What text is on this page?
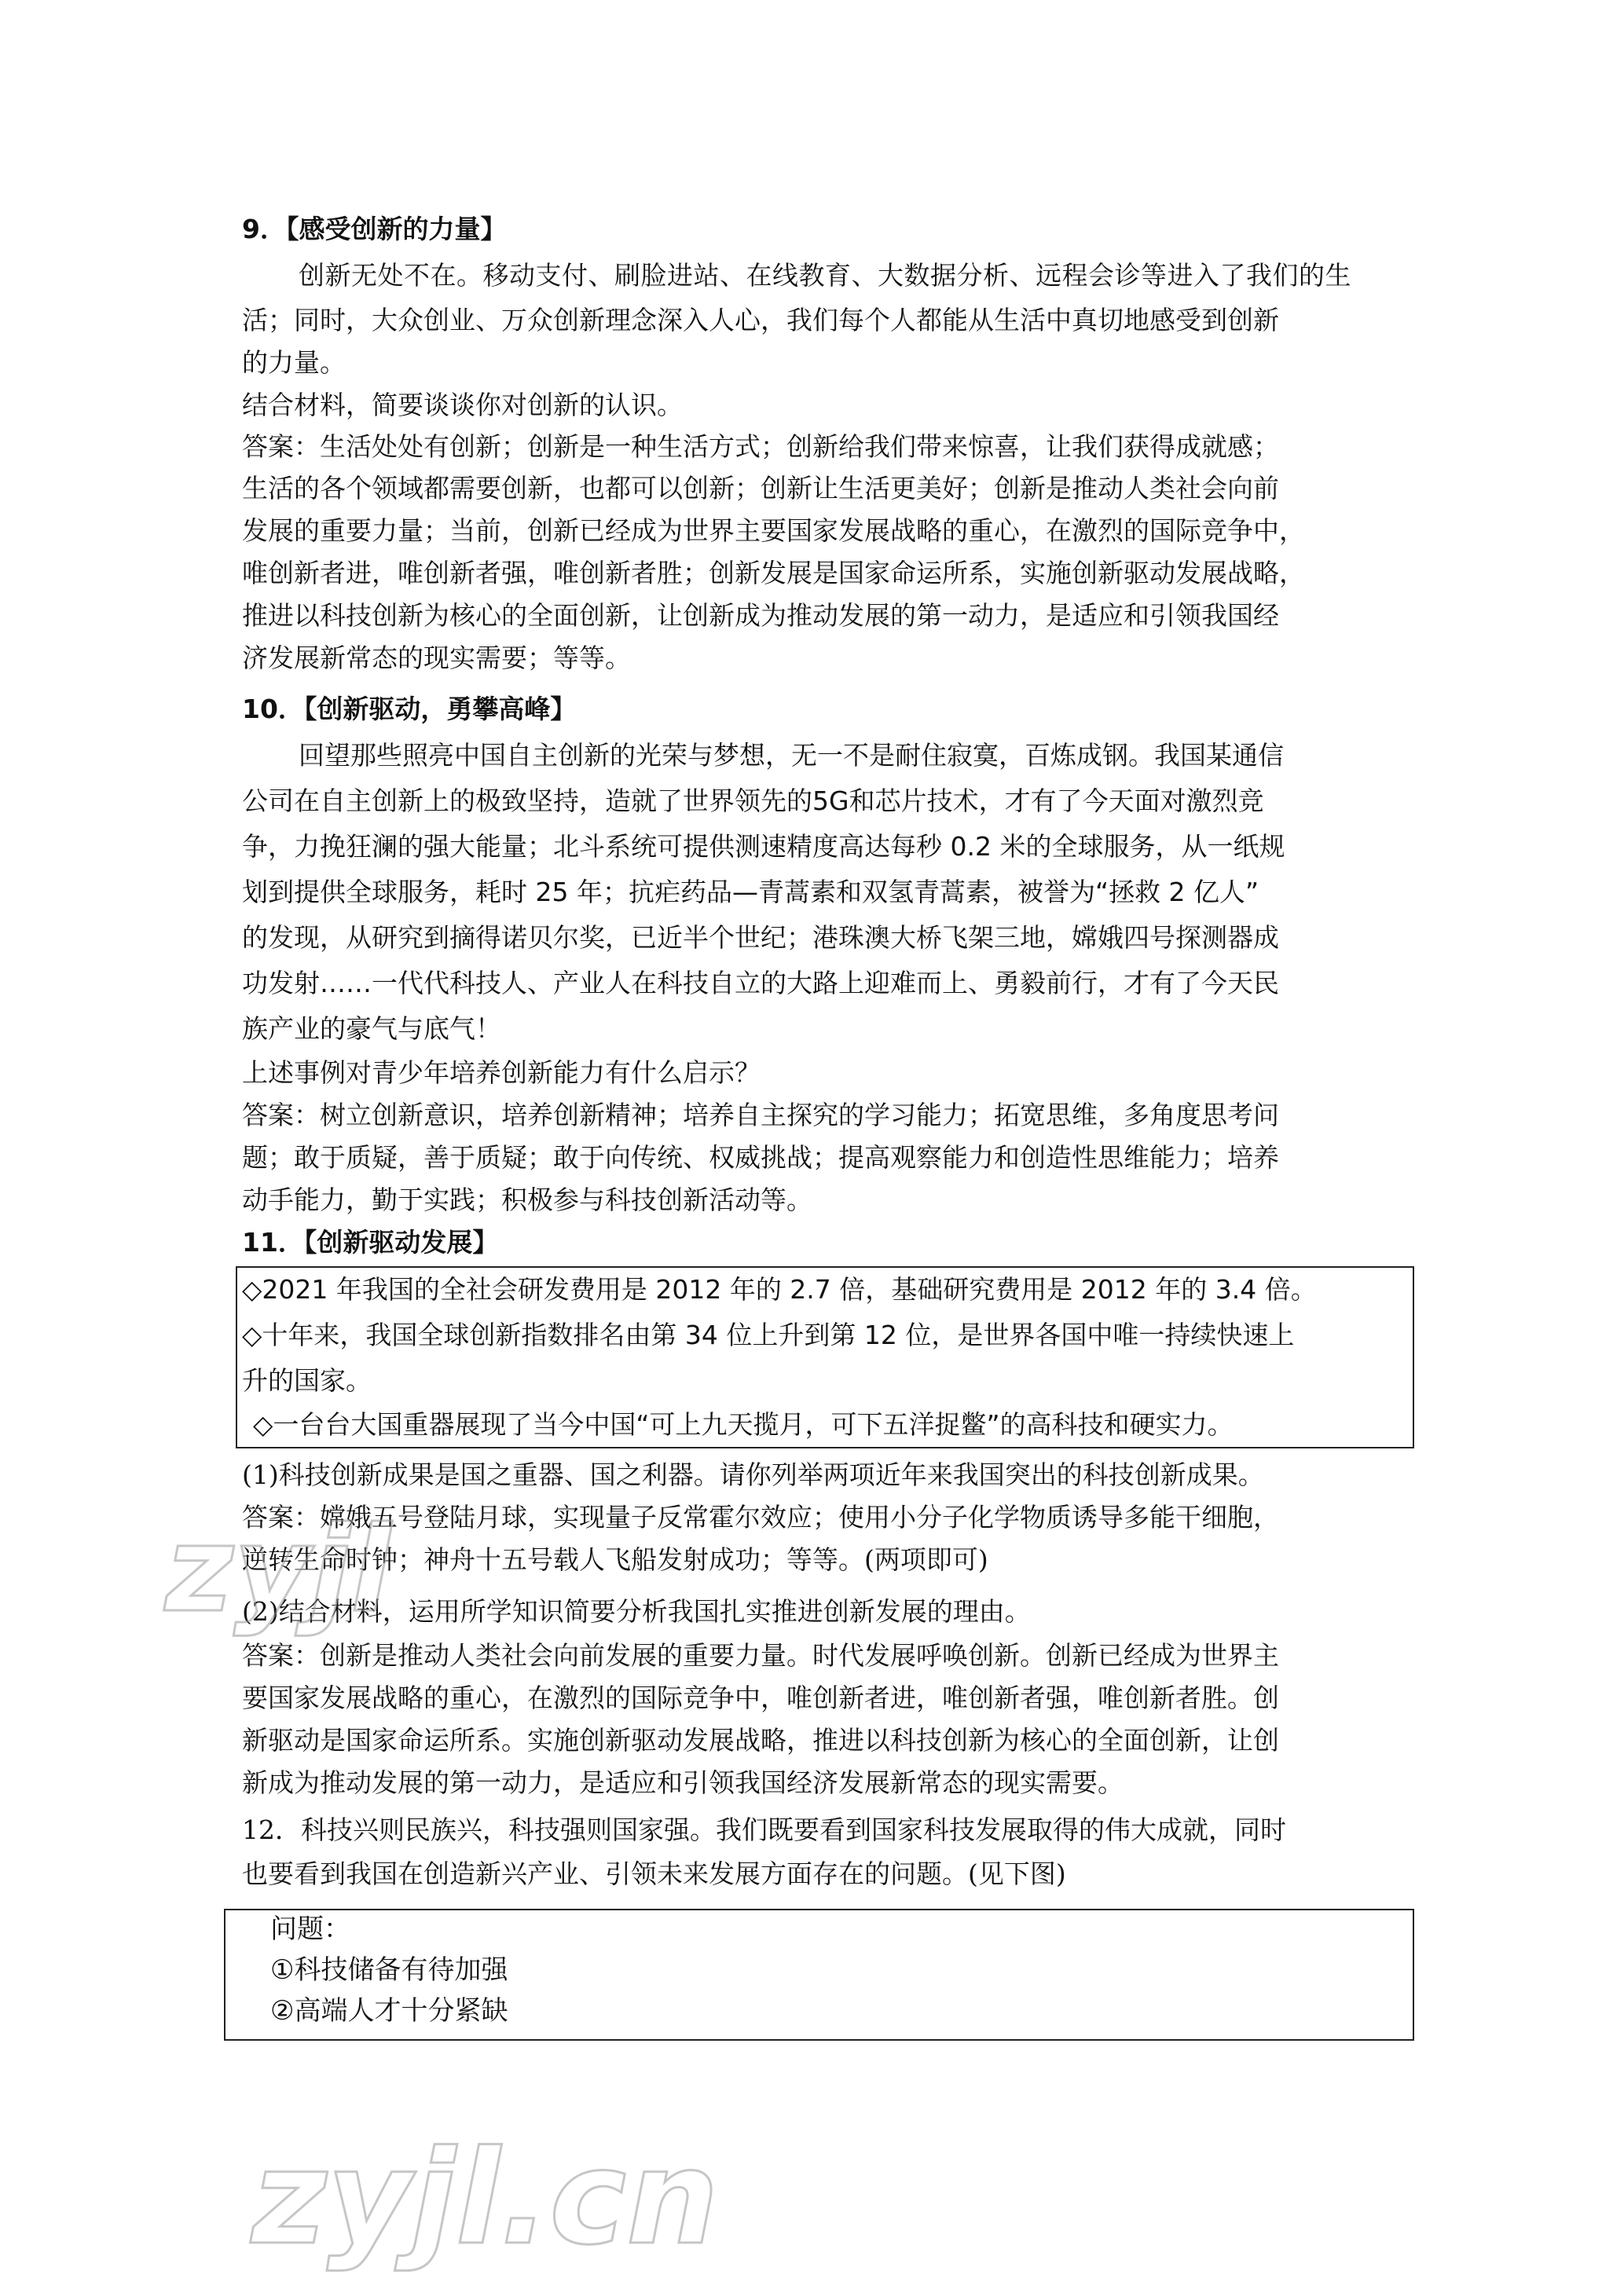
9．【感受创新的力量】
创新无处不在。移动支付、刷脸进站、在线教育、大数据分析、远程会诊等进入了我们的生
活；同时，大众创业、万众创新理念深入人心，我们每个人都能从生活中真切地感受到创新
的力量。
结合材料，简要谈谈你对创新的认识。
答案：生活处处有创新；创新是一种生活方式；创新给我们带来惊喜，让我们获得成就感；
生活的各个领域都需要创新，也都可以创新；创新让生活更美好；创新是推动人类社会向前
发展的重要力量；当前，创新已经成为世界主要国家发展战略的重心，在激烈的国际竞争中，
唯创新者进，唯创新者强，唯创新者胜；创新发展是国家命运所系，实施创新驱动发展战略，
推进以科技创新为核心的全面创新，让创新成为推动发展的第一动力，是适应和引领我国经
济发展新常态的现实需要；等等。
10．【创新驱动，勇攀高峰】
回望那些照亮中国自主创新的光荣与梦想，无一不是耐住寂寞，百炼成钢。我国某通信
公司在自主创新上的极致坚持，造就了世界领先的5G和芯片技术，才有了今天面对激烈竞
争，力挽狂澜的强大能量；北斗系统可提供测速精度高达每秒 0.2 米的全球服务，从一纸规
划到提供全球服务，耗时 25 年；抗疟药品—青蒿素和双氢青蒿素，被誉为“拯救 2 亿人”
的发现，从研究到摘得诺贝尔奖，已近半个世纪；港珠澳大桥飞架三地，嫦娥四号探测器成
功发射……一代代科技人、产业人在科技自立的大路上迎难而上、勇毅前行，才有了今天民
族产业的豪气与底气！
上述事例对青少年培养创新能力有什么启示？
答案：树立创新意识，培养创新精神；培养自主探究的学习能力；拓宽思维，多角度思考问
题；敢于质疑，善于质疑；敢于向传统、权威挑战；提高观察能力和创造性思维能力；培养
动手能力，勤于实践；积极参与科技创新活动等。
11．【创新驱动发展】
◇2021 年我国的全社会研发费用是 2012 年的 2.7 倍，基础研究费用是 2012 年的 3.4 倍。
◇十年来，我国全球创新指数排名由第 34 位上升到第 12 位，是世界各国中唯一持续快速上
升的国家。
◇一台台大国重器展现了当今中国“可上九天揽月，可下五洋捉鳖”的高科技和硬实力。
(1)科技创新成果是国之重器、国之利器。请你列举两项近年来我国突出的科技创新成果。
答案：嫦娥五号登陆月球，实现量子反常霍尔效应；使用小分子化学物质诱导多能干细胞，
逆转生命时钟；神舟十五号载人飞船发射成功；等等。(两项即可)
(2)结合材料，运用所学知识简要分析我国扎实推进创新发展的理由。
答案：创新是推动人类社会向前发展的重要力量。时代发展呼唤创新。创新已经成为世界主
要国家发展战略的重心，在激烈的国际竞争中，唯创新者进，唯创新者强，唯创新者胜。创
新驱动是国家命运所系。实施创新驱动发展战略，推进以科技创新为核心的全面创新，让创
新成为推动发展的第一动力，是适应和引领我国经济发展新常态的现实需要。
12．科技兴则民族兴，科技强则国家强。我们既要看到国家科技发展取得的伟大成就，同时
也要看到我国在创造新兴产业、引领未来发展方面存在的问题。(见下图)
问题：
①科技储备有待加强
②高端人才十分紧缺
zyjl
zyjl.cn
